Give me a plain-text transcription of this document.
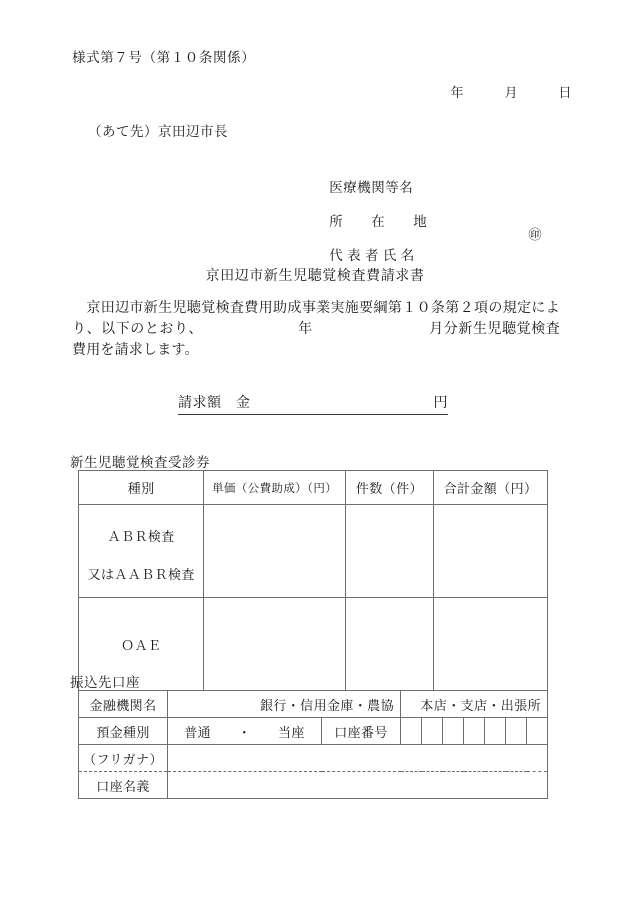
様式第７号（第１０条関係）
年　　　月　　　日
（あて先）京田辺市長

医療機関等名

所　　在　　地

代 表 者 氏 名

㊞

京田辺市新生児聴覚検査費請求書
　京田辺市新生児聴覚検査費用助成事業実施要綱第１０条第２項の規定により、以下のとおり、　　　　　　　年　　　　　　　　月分新生児聴覚検査費用を請求します。
請求額　金	円
新生児聴覚検査受診券
種別	単価（公費助成）（円）	件数（件）	合計金額（円）

ＡＢＲ検査
又はＡＡＢＲ検査			

ＯＡＥ			
振込先口座
金融機関名	銀行・信用金庫・農協		本店・支店・出張所						
預金種別	普通　　・　　当座	口座番号							
（フリガナ）									
口座名義									
